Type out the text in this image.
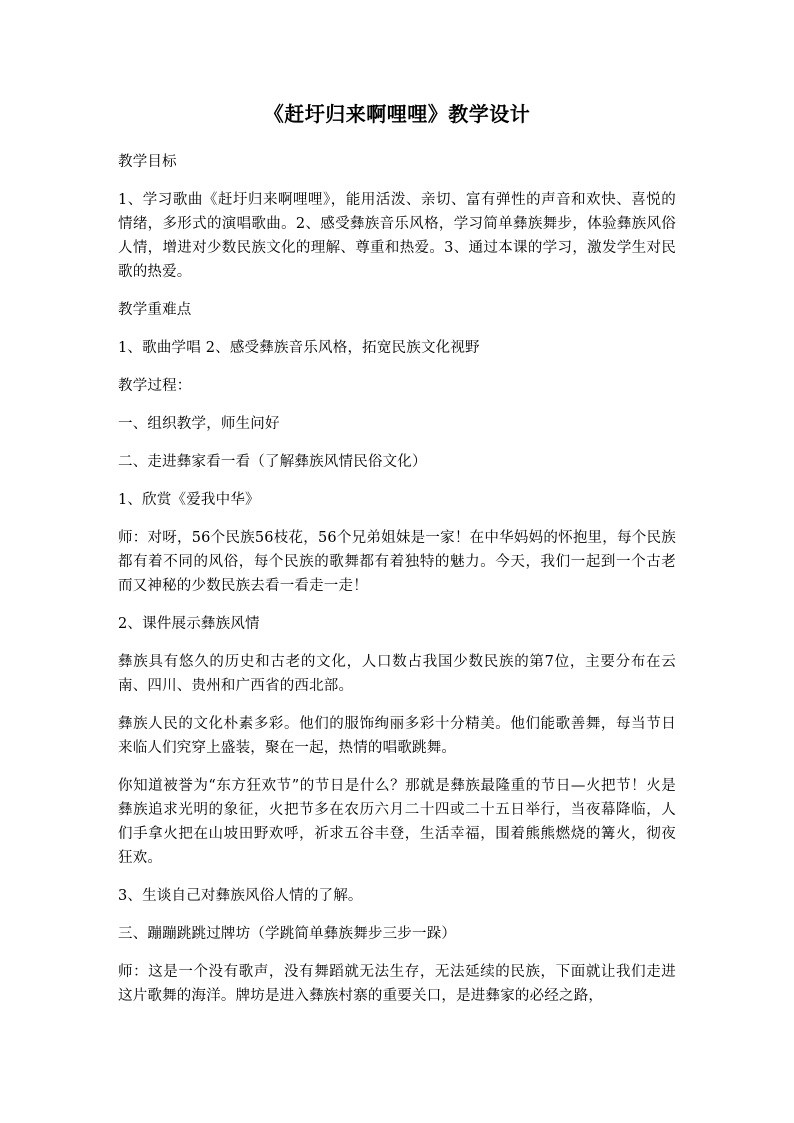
《赶圩归来啊哩哩》教学设计
教学目标
1、学习歌曲《赶圩归来啊哩哩》，能用活泼、亲切、富有弹性的声音和欢快、喜悦的情绪，多形式的演唱歌曲。2、感受彝族音乐风格，学习简单彝族舞步，体验彝族风俗人情，增进对少数民族文化的理解、尊重和热爱。3、通过本课的学习，激发学生对民歌的热爱。
教学重难点
1、歌曲学唱 2、感受彝族音乐风格，拓宽民族文化视野
教学过程：
一、组织教学，师生问好
二、走进彝家看一看（了解彝族风情民俗文化）
1、欣赏《爱我中华》
师：对呀，56个民族56枝花，56个兄弟姐妹是一家！在中华妈妈的怀抱里，每个民族都有着不同的风俗，每个民族的歌舞都有着独特的魅力。今天，我们一起到一个古老而又神秘的少数民族去看一看走一走！
2、课件展示彝族风情
彝族具有悠久的历史和古老的文化，人口数占我国少数民族的第7位，主要分布在云南、四川、贵州和广西省的西北部。
彝族人民的文化朴素多彩。他们的服饰绚丽多彩十分精美。他们能歌善舞，每当节日来临人们究穿上盛装，聚在一起，热情的唱歌跳舞。
你知道被誉为“东方狂欢节”的节日是什么？那就是彝族最隆重的节日—火把节！火是彝族追求光明的象征，火把节多在农历六月二十四或二十五日举行，当夜幕降临，人们手拿火把在山坡田野欢呼，祈求五谷丰登，生活幸福，围着熊熊燃烧的篝火，彻夜狂欢。
3、生谈自己对彝族风俗人情的了解。
三、蹦蹦跳跳过牌坊（学跳简单彝族舞步三步一跺）
师：这是一个没有歌声，没有舞蹈就无法生存，无法延续的民族，下面就让我们走进这片歌舞的海洋。牌坊是进入彝族村寨的重要关口，是进彝家的必经之路，
